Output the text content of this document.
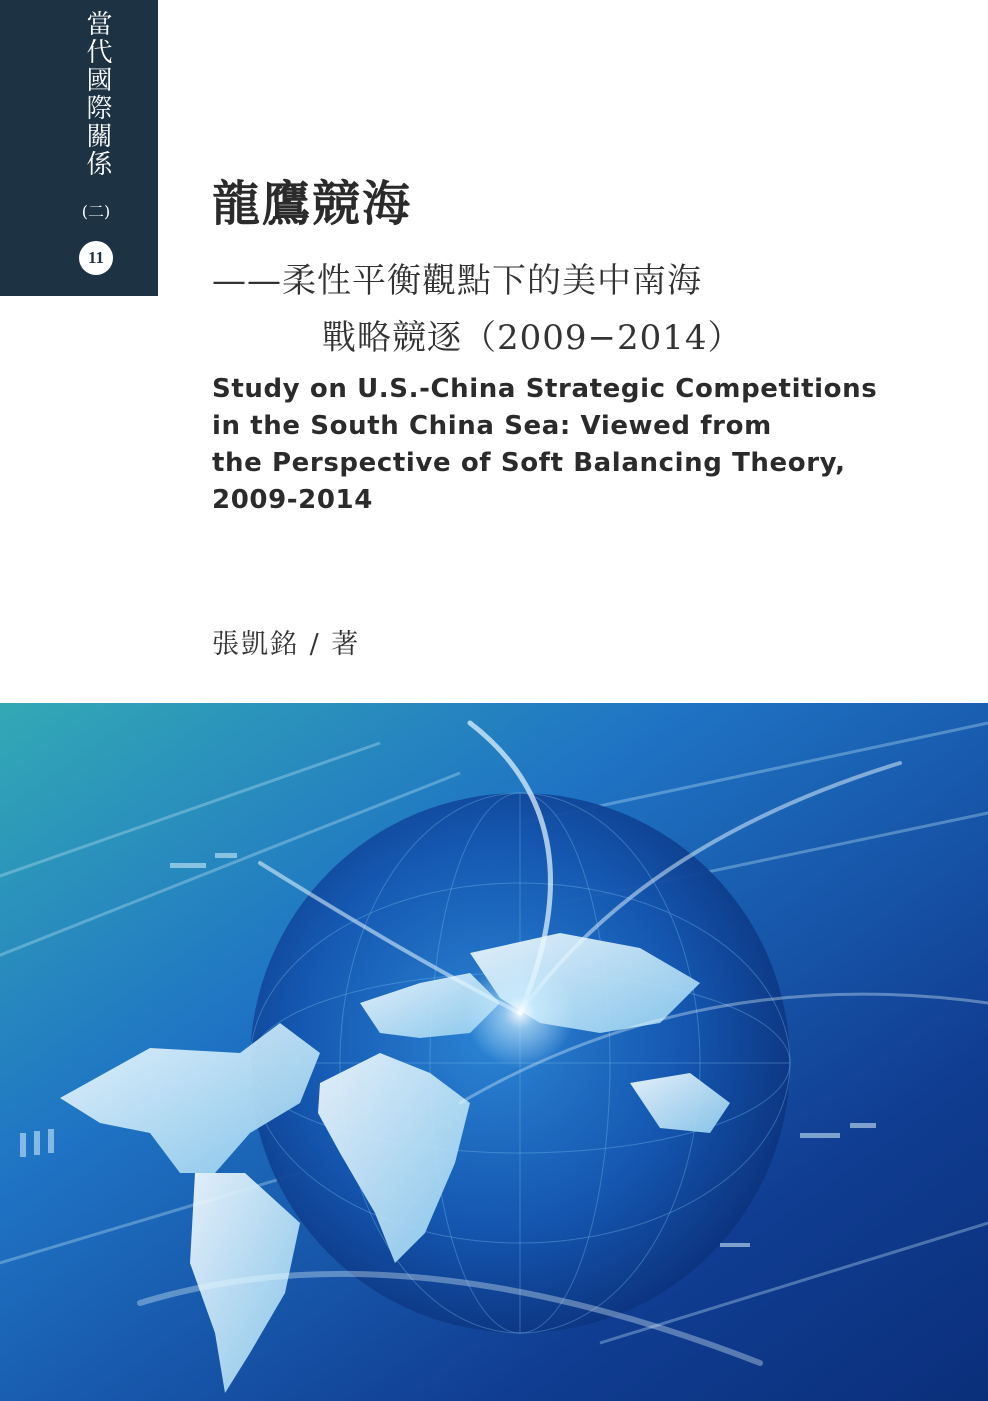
當代國際關係
(二)
11
龍鷹競海
——柔性平衡觀點下的美中南海
戰略競逐（2009−2014）
Study on U.S.-China Strategic Competitions
in the South China Sea: Viewed from
the Perspective of Soft Balancing Theory,
2009-2014
張凱銘 / 著
